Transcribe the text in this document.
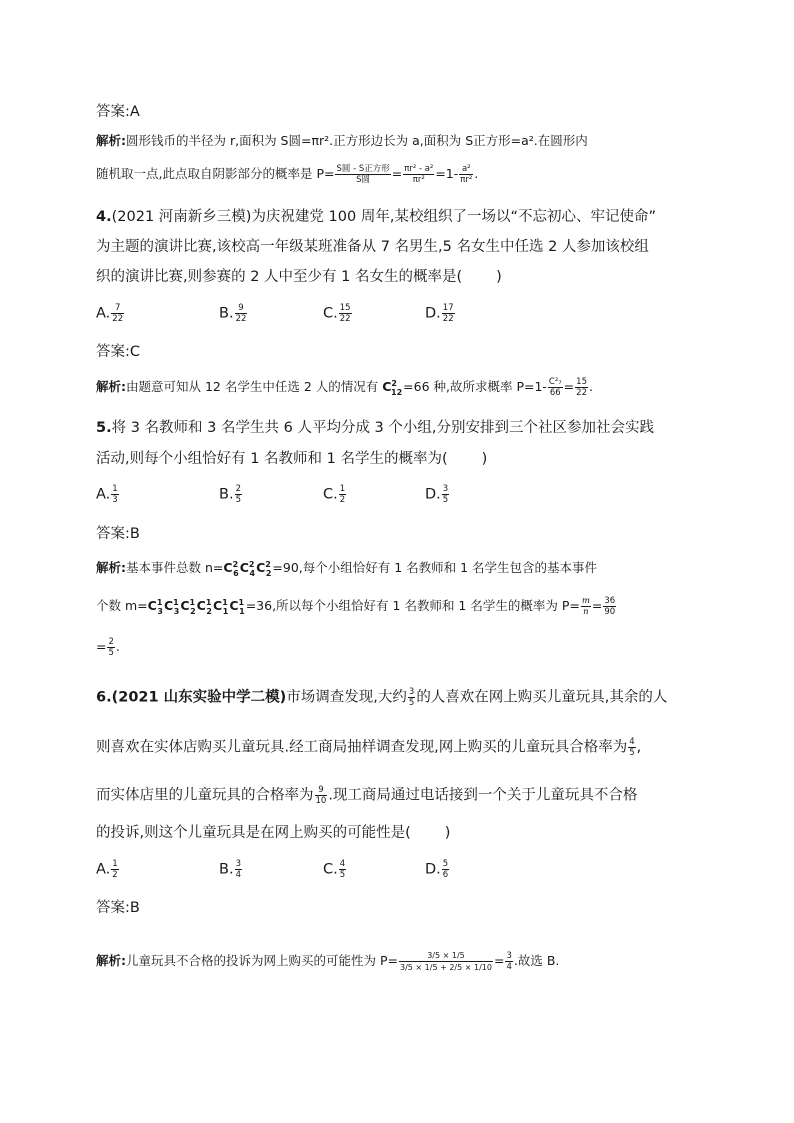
答案:A
解析:圆形钱币的半径为 r,面积为 S圆=πr².正方形边长为 a,面积为 S正方形=a².在圆形内
随机取一点,此点取自阴影部分的概率是 $P= \frac{\text{S圆 - S正方形}}{\text{S圆}} = \frac{\text{πr² - a²}}{\text{πr²}} =1- \frac{\text{a²}}{\text{πr²}}$ .
4.(2021 河南新乡三模)为庆祝建党 100 周年,某校组织了一场以“不忘初心、牢记使命”
为主题的演讲比赛,该校高一年级某班准备从 7 名男生,5 名女生中任选 2 人参加该校组
织的演讲比赛,则参赛的 2 人中至少有 1 名女生的概率是( )
A. $\frac{7}{22}$	B. $\frac{9}{22}$	C. $\frac{15}{22}$	D. $\frac{17}{22}$
答案:C
解析:由题意可知从 12 名学生中任选 2 人的情况有 $C^2_{12}=66$ 种,故所求概率 $P=1- \frac{\text{C²₇}}{66} = \frac{15}{22}$ .
5.将 3 名教师和 3 名学生共 6 人平均分成 3 个小组,分别安排到三个社区参加社会实践
活动,则每个小组恰好有 1 名教师和 1 名学生的概率为( )
A. $\frac{1}{3}$	B. $\frac{2}{5}$	C. $\frac{1}{2}$	D. $\frac{3}{5}$
答案:B
解析:基本事件总数 $n=C^2_6C^2_4C^2_2=90$,每个小组恰好有 1 名教师和 1 名学生包含的基本事件
个数 $m=C^1_3C^1_3C^1_2C^1_2C^1_1C^1_1=36$,所以每个小组恰好有 1 名教师和 1 名学生的概率为 $P= \frac{m}{n} = \frac{36}{90}$
= $\frac{2}{5}$ .
6.(2021 山东实验中学二模)市场调查发现,大约 $\frac{3}{5}$ 的人喜欢在网上购买儿童玩具,其余的人
则喜欢在实体店购买儿童玩具.经工商局抽样调查发现,网上购买的儿童玩具合格率为 $\frac{4}{5}$ ,
而实体店里的儿童玩具的合格率为 $\frac{9}{10}$ .现工商局通过电话接到一个关于儿童玩具不合格
的投诉,则这个儿童玩具是在网上购买的可能性是( )
A. $\frac{1}{2}$	B. $\frac{3}{4}$	C. $\frac{4}{5}$	D. $\frac{5}{6}$
答案:B
解析:儿童玩具不合格的投诉为网上购买的可能性为 $P= \frac{3/5 \times 1/5}{3/5 \times 1/5 + 2/5 \times 1/10} = \frac{3}{4}$ .故选 B.
